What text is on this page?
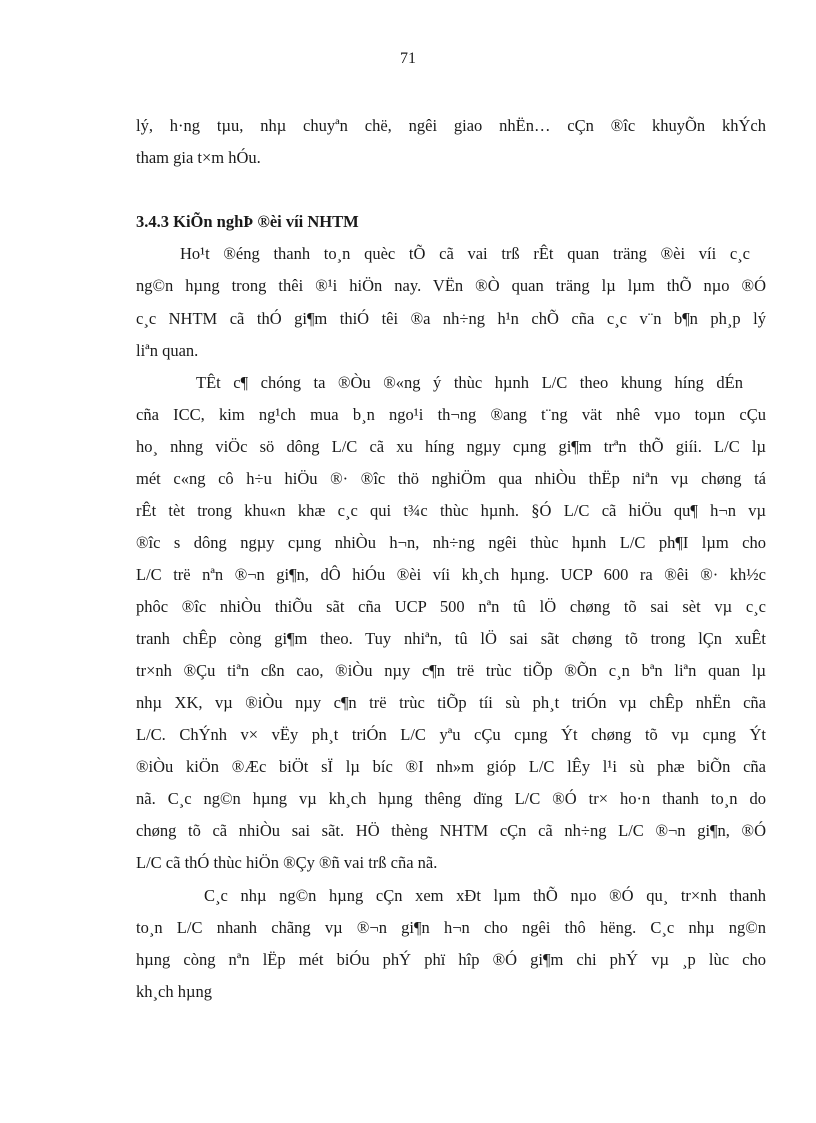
71
lý, h·ng tµu, nhµ chuyªn chë, ngêi giao nhËn… cÇn ®îc khuyÕn khÝch
tham gia t×m hÓu.
3.4.3 KiÕn nghÞ ®èi víi NHTM
Ho¹t ®éng thanh to¸n quèc tÕ cã vai trß rÊt quan träng ®èi víi c¸c
ng©n hµng trong thêi ®¹i hiÖn nay. VËn ®Ò quan träng lµ lµm thÕ nµo ®Ó
c¸c NHTM cã thÓ gi¶m thiÓ têi ®a nh÷ng h¹n chÕ cña c¸c v¨n b¶n ph¸p lý
liªn quan.
TÊt c¶ chóng ta ®Òu ®«ng ý thùc hµnh L/C theo khung híng dÉn
cña ICC, kim ng¹ch mua b¸n ngo¹i th¬ng ®ang t¨ng vät nhê vµo toµn cÇu
ho¸ nhng viÖc sö dông L/C cã xu híng ngµy cµng gi¶m trªn thÕ giíi. L/C lµ
mét c«ng cô h÷u hiÖu ®· ®îc thö nghiÖm qua nhiÒu thËp niªn vµ chøng tá
rÊt tèt trong khu«n khæ c¸c qui t¾c thùc hµnh. §Ó L/C cã hiÖu qu¶ h¬n vµ
®îc s dông ngµy cµng nhiÒu h¬n, nh÷ng ngêi thùc hµnh L/C ph¶I lµm cho
L/C trë nªn ®¬n gi¶n, dÔ hiÓu ®èi víi kh¸ch hµng. UCP 600 ra ®êi ®· kh½c
phôc ®îc nhiÒu thiÕu sãt cña UCP 500 nªn tû lÖ chøng tõ sai sèt vµ c¸c
tranh chÊp còng gi¶m theo. Tuy nhiªn, tû lÖ sai sãt chøng tõ trong lÇn xuÊt
tr×nh ®Çu tiªn cßn cao, ®iÒu nµy c¶n trë trùc tiÕp ®Õn c¸n bªn liªn quan lµ
nhµ XK, vµ ®iÒu nµy c¶n trë trùc tiÕp tíi sù ph¸t triÓn vµ chÊp nhËn cña
L/C. ChÝnh v× vËy ph¸t triÓn L/C yªu cÇu cµng Ýt chøng tõ vµ cµng Ýt
®iÒu kiÖn ®Æc biÖt sÏ lµ bíc ®I nh»m gióp L/C lÊy l¹i sù phæ biÕn cña
nã. C¸c ng©n hµng vµ kh¸ch hµng thêng dïng L/C ®Ó tr× ho·n thanh to¸n do
chøng tõ cã nhiÒu sai sãt. HÖ thèng NHTM cÇn cã nh÷ng L/C ®¬n gi¶n, ®Ó
L/C cã thÓ thùc hiÖn ®Çy ®ñ vai trß cña nã.
C¸c nhµ ng©n hµng cÇn xem xÐt lµm thÕ nµo ®Ó qu¸ tr×nh thanh
to¸n L/C nhanh chãng vµ ®¬n gi¶n h¬n cho ngêi thô hëng. C¸c nhµ ng©n
hµng còng nªn lËp mét biÓu phÝ phï hîp ®Ó gi¶m chi phÝ vµ ¸p lùc cho
kh¸ch hµng
